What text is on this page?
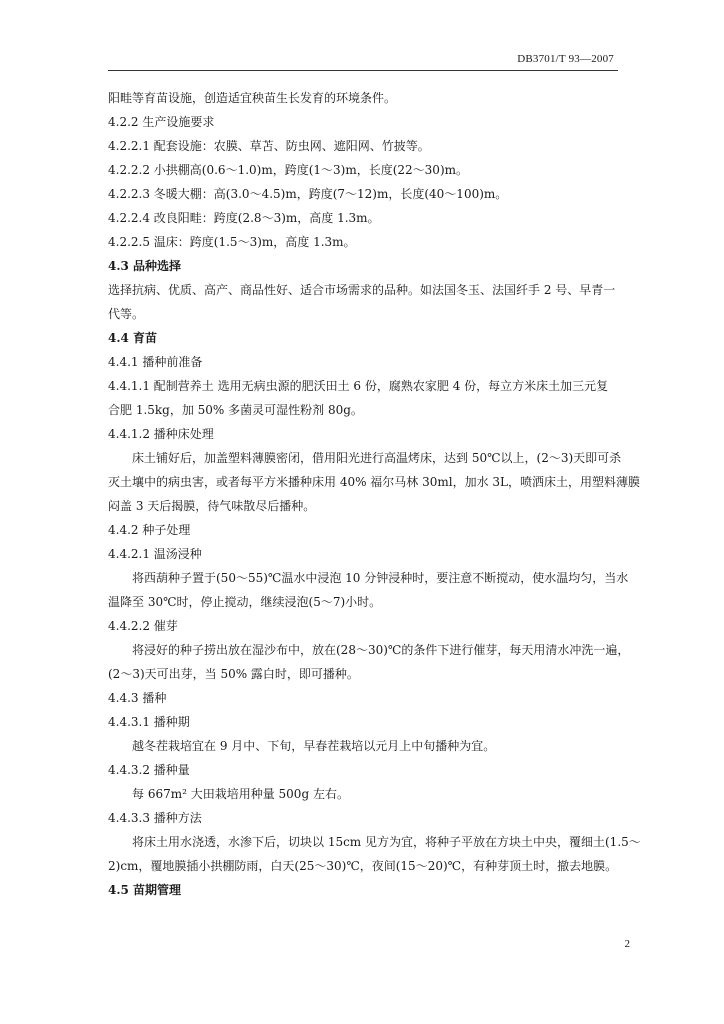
DB3701/T 93—2007
阳畦等育苗设施，创造适宜秧苗生长发育的环境条件。
4.2.2 生产设施要求
4.2.2.1 配套设施：农膜、草苫、防虫网、遮阳网、竹披等。
4.2.2.2 小拱棚高(0.6～1.0)m，跨度(1～3)m，长度(22～30)m。
4.2.2.3 冬暖大棚：高(3.0～4.5)m，跨度(7～12)m，长度(40～100)m。
4.2.2.4 改良阳畦：跨度(2.8～3)m，高度 1.3m。
4.2.2.5 温床：跨度(1.5～3)m，高度 1.3m。
4.3 品种选择
选择抗病、优质、高产、商品性好、适合市场需求的品种。如法国冬玉、法国纤手 2 号、早青一
代等。
4.4 育苗
4.4.1 播种前准备
4.4.1.1 配制营养土 选用无病虫源的肥沃田土 6 份，腐熟农家肥 4 份，每立方米床土加三元复
合肥 1.5kg，加 50% 多菌灵可湿性粉剂 80g。
4.4.1.2 播种床处理
床土铺好后，加盖塑料薄膜密闭，借用阳光进行高温烤床，达到 50℃以上，(2～3)天即可杀
灭土壤中的病虫害，或者每平方米播种床用 40% 福尔马林 30ml，加水 3L，喷洒床土，用塑料薄膜
闷盖 3 天后揭膜，待气味散尽后播种。
4.4.2 种子处理
4.4.2.1 温汤浸种
将西葫种子置于(50～55)℃温水中浸泡 10 分钟浸种时，要注意不断搅动，使水温均匀，当水
温降至 30℃时，停止搅动，继续浸泡(5～7)小时。
4.4.2.2 催芽
将浸好的种子捞出放在湿沙布中，放在(28～30)℃的条件下进行催芽，每天用清水冲洗一遍，
(2～3)天可出芽，当 50% 露白时，即可播种。
4.4.3 播种
4.4.3.1 播种期
越冬茬栽培宜在 9 月中、下旬，早春茬栽培以元月上中旬播种为宜。
4.4.3.2 播种量
每 667m² 大田栽培用种量 500g 左右。
4.4.3.3 播种方法
将床土用水浇透，水渗下后，切块以 15cm 见方为宜，将种子平放在方块土中央，覆细土(1.5～
2)cm，覆地膜插小拱棚防雨，白天(25～30)℃，夜间(15～20)℃，有种芽顶土时，撤去地膜。
4.5 苗期管理
2
